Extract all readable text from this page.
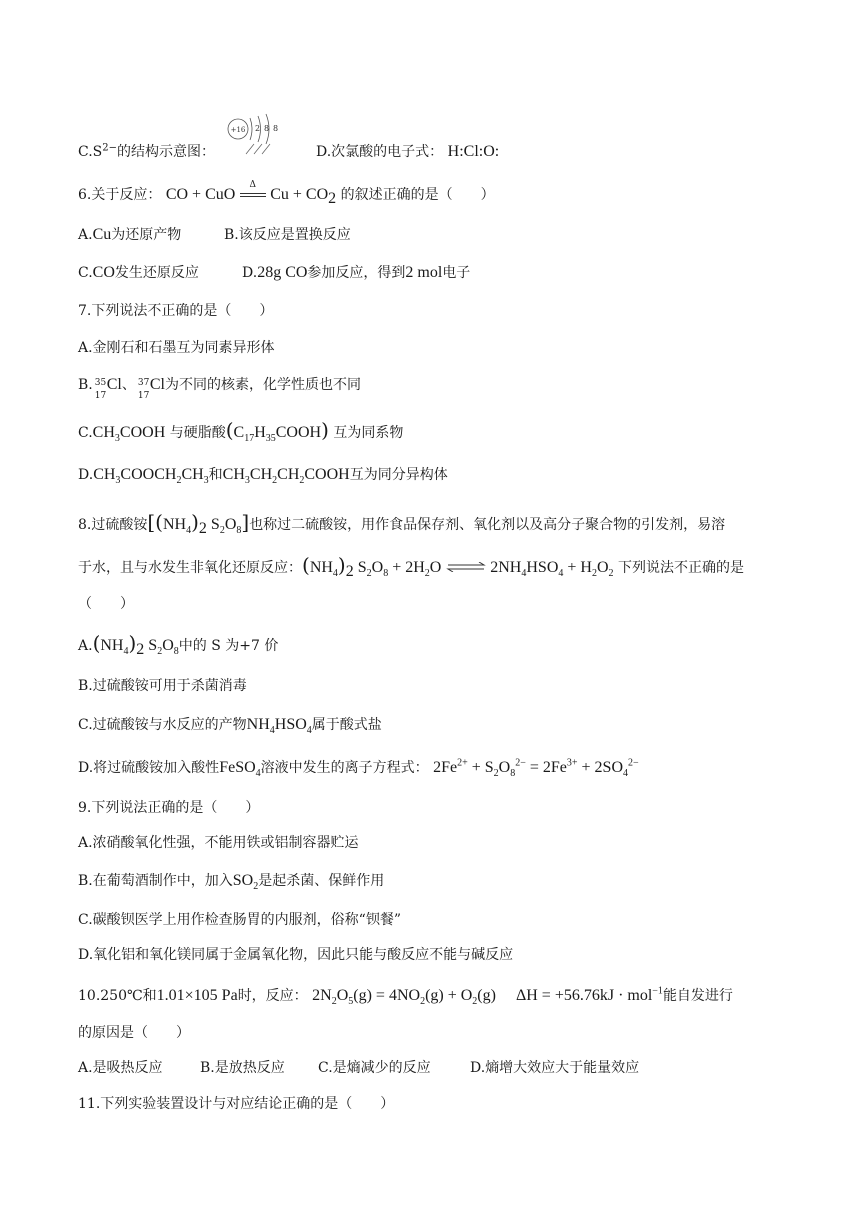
$C.S^{2-}$的结构示意图：
+16 2 8 8
D.次氯酸的电子式： H:Cl:O:
6.关于反应： CO + CuO
Δ
$Cu + CO_2$ 的叙述正确的是（　　）
A.Cu为还原产物	B.该反应是置换反应
C.CO发生还原反应	D.28g CO参加反应，得到2 mol电子
7.下列说法不正确的是（　　）
A.金刚石和石墨互为同素异形体
B. 35
17
Cl、 37
17
Cl为不同的核素，化学性质也不同
$C.CH_3COOH$ 与硬脂酸$(C_{17}H_{35}COOH)$ 互为同系物
$D.CH_3COOCH_2CH_3$和$CH_3CH_2CH_2COOH$互为同分异构体
8.过硫酸铵[$(NH_4)_2$ $S_2O_8$]也称过二硫酸铵，用作食品保存剂、氧化剂以及高分子聚合物的引发剂，易溶
于水，且与水发生非氧化还原反应：$(NH_4)_2$ $S_2O_8 + 2H_2O$ ⇌ $2NH_4HSO_4 + H_2O_2$ 下列说法不正确的是
（　　）
$A.(NH_4)_2$ $S_2O_8$中的 S 为+7 价
B.过硫酸铵可用于杀菌消毒
C.过硫酸铵与水反应的产物$NH_4HSO_4$属于酸式盐
D.将过硫酸铵加入酸性FeSO$_4$溶液中发生的离子方程式： $2Fe^{2+} + S_2O_8^{2-} = 2Fe^{3+} + 2SO_4^{2-}$
9.下列说法正确的是（　　）
A.浓硝酸氧化性强，不能用铁或铝制容器贮运
B.在葡萄酒制作中，加入$SO_2$是起杀菌、保鲜作用
C.碳酸钡医学上用作检查肠胃的内服剂，俗称“钡餐”
D.氧化铝和氧化镁同属于金属氧化物，因此只能与酸反应不能与碱反应
10.250℃和1.01×105 Pa时，反应： $2N_2O_5(g) = 4NO_2(g) + O_2(g)$　 ΔH = +56.76kJ · mol$^{-1}$能自发进行
的原因是（　　）
A.是吸热反应	B.是放热反应 C.是熵减少的反应	D.熵增大效应大于能量效应
11.下列实验装置设计与对应结论正确的是（　　）
